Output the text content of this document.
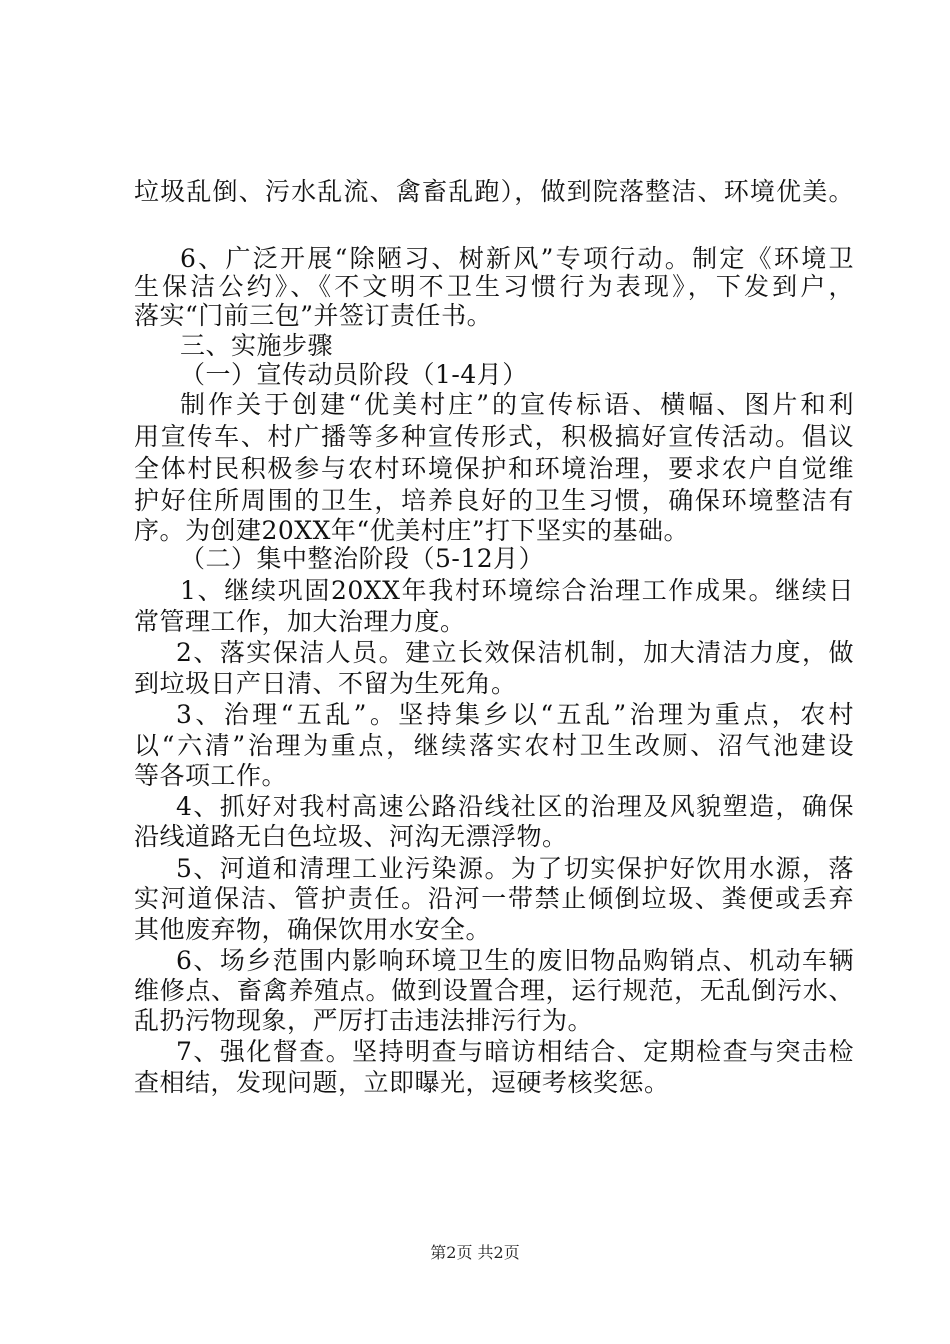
垃圾乱倒、污水乱流、禽畜乱跑），做到院落整洁、环境优美。
6、广泛开展“除陋习、树新风”专项行动。制定《环境卫
生保洁公约》、《不文明不卫生习惯行为表现》，下发到户，
落实“门前三包”并签订责任书。
三、实施步骤
（一）宣传动员阶段（1-4月）
制作关于创建“优美村庄”的宣传标语、横幅、图片和利
用宣传车、村广播等多种宣传形式，积极搞好宣传活动。倡议
全体村民积极参与农村环境保护和环境治理，要求农户自觉维
护好住所周围的卫生，培养良好的卫生习惯，确保环境整洁有
序。为创建20XX年“优美村庄”打下坚实的基础。
（二）集中整治阶段（5-12月）
1、继续巩固20XX年我村环境综合治理工作成果。继续日
常管理工作，加大治理力度。
2、落实保洁人员。建立长效保洁机制，加大清洁力度，做
到垃圾日产日清、不留为生死角。
3、治理“五乱”。坚持集乡以“五乱”治理为重点，农村
以“六清”治理为重点，继续落实农村卫生改厕、沼气池建设
等各项工作。
4、抓好对我村高速公路沿线社区的治理及风貌塑造，确保
沿线道路无白色垃圾、河沟无漂浮物。
5、河道和清理工业污染源。为了切实保护好饮用水源，落
实河道保洁、管护责任。沿河一带禁止倾倒垃圾、粪便或丢弃
其他废弃物，确保饮用水安全。
6、场乡范围内影响环境卫生的废旧物品购销点、机动车辆
维修点、畜禽养殖点。做到设置合理，运行规范，无乱倒污水、
乱扔污物现象，严厉打击违法排污行为。
7、强化督查。坚持明查与暗访相结合、定期检查与突击检
查相结，发现问题，立即曝光，逗硬考核奖惩。
第2页 共2页
